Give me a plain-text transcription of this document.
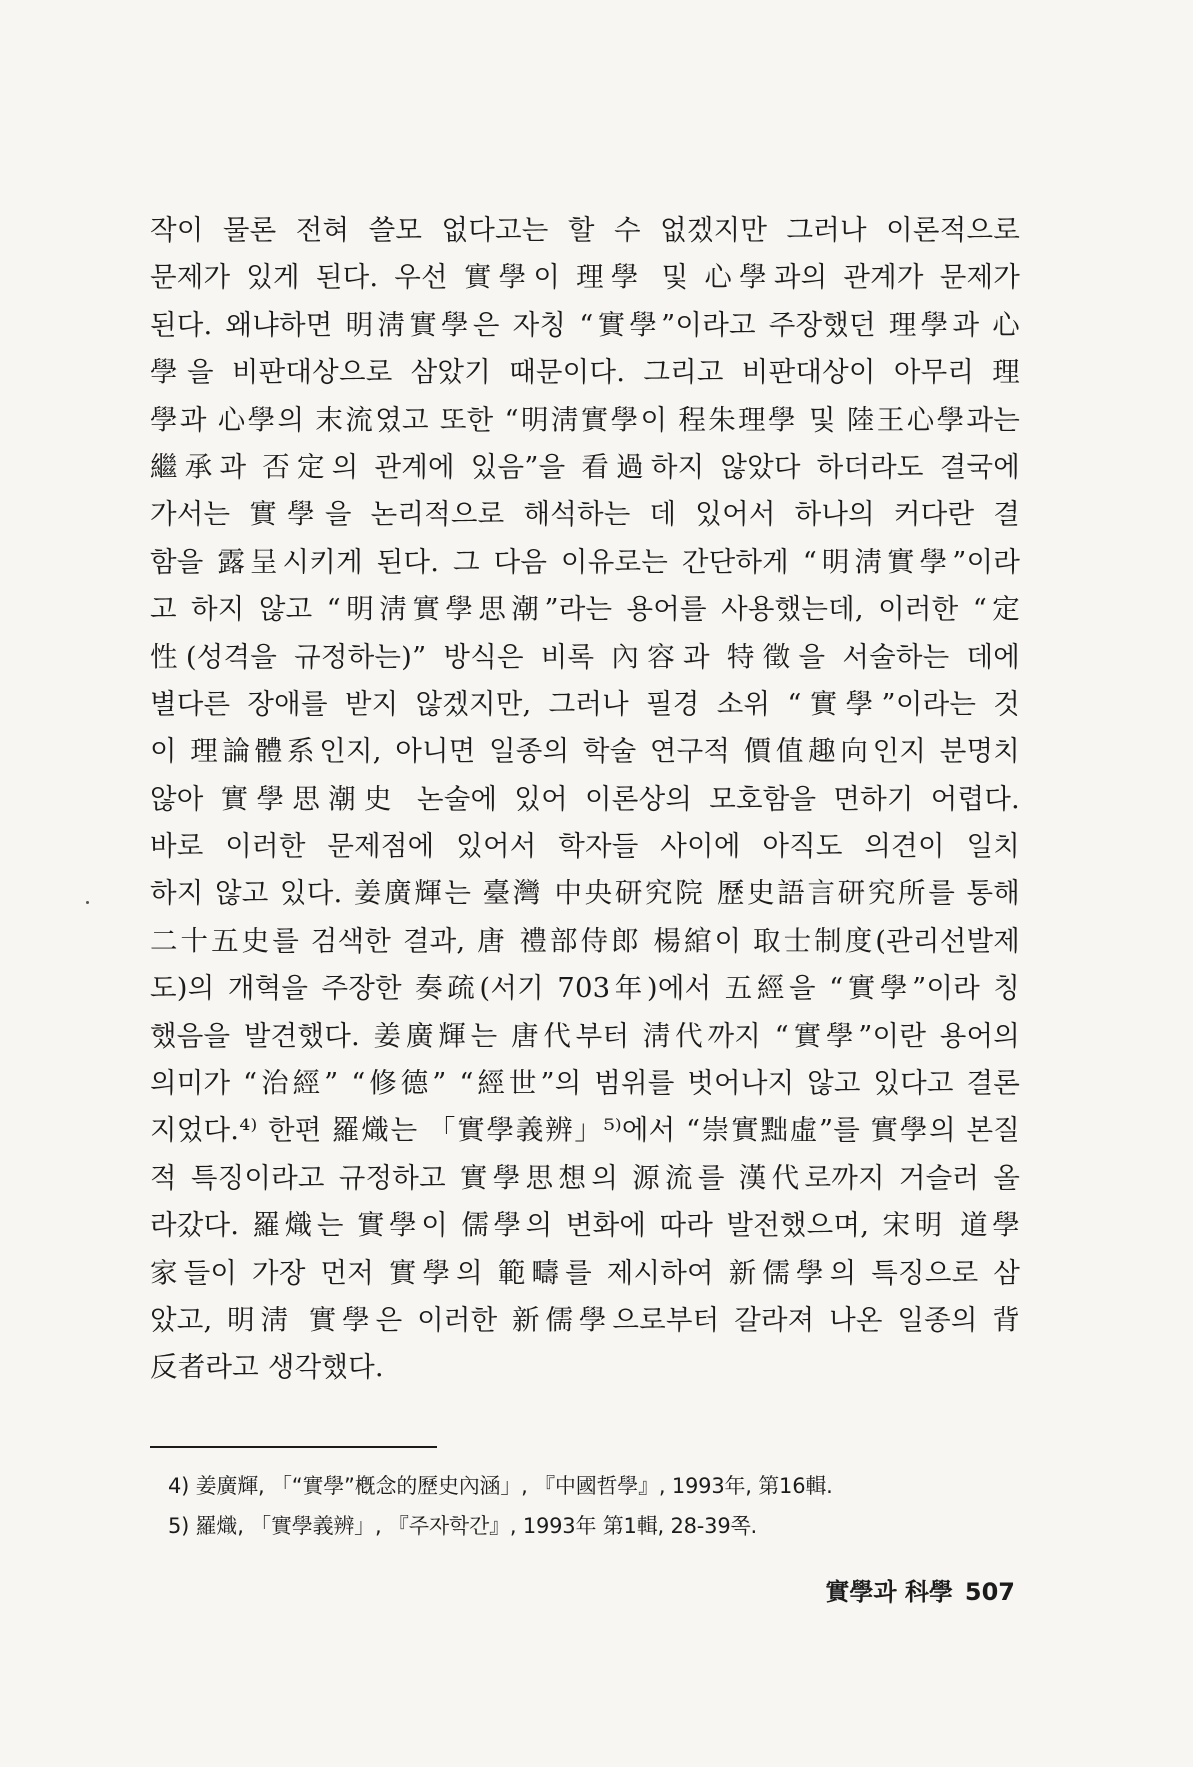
작이 물론 전혀 쓸모 없다고는 할 수 없겠지만 그러나 이론적으로
문제가 있게 된다. 우선 實學이 理學 및 心學과의 관계가 문제가
된다. 왜냐하면 明淸實學은 자칭 “實學”이라고 주장했던 理學과 心
學을 비판대상으로 삼았기 때문이다. 그리고 비판대상이 아무리 理
學과 心學의 末流였고 또한 “明淸實學이 程朱理學 및 陸王心學과는
繼承과 否定의 관계에 있음”을 看過하지 않았다 하더라도 결국에
가서는 實學을 논리적으로 해석하는 데 있어서 하나의 커다란 결
함을 露呈시키게 된다. 그 다음 이유로는 간단하게 “明淸實學”이라
고 하지 않고 “明淸實學思潮”라는 용어를 사용했는데, 이러한 “定
性(성격을 규정하는)” 방식은 비록 內容과 特徵을 서술하는 데에
별다른 장애를 받지 않겠지만, 그러나 필경 소위 “實學”이라는 것
이 理論體系인지, 아니면 일종의 학술 연구적 價值趣向인지 분명치
않아 實學思潮史 논술에 있어 이론상의 모호함을 면하기 어렵다.
바로 이러한 문제점에 있어서 학자들 사이에 아직도 의견이 일치
하지 않고 있다. 姜廣輝는 臺灣 中央研究院 歷史語言研究所를 통해
二十五史를 검색한 결과, 唐 禮部侍郎 楊綰이 取士制度(관리선발제
도)의 개혁을 주장한 奏疏(서기 703年)에서 五經을 “實學”이라 칭
했음을 발견했다. 姜廣輝는 唐代부터 淸代까지 “實學”이란 용어의
의미가 “治經” “修德” “經世”의 범위를 벗어나지 않고 있다고 결론
지었다.⁴⁾ 한편 羅熾는 「實學義辨」⁵⁾에서 “崇實黜虛”를 實學의 본질
적 특징이라고 규정하고 實學思想의 源流를 漢代로까지 거슬러 올
라갔다. 羅熾는 實學이 儒學의 변화에 따라 발전했으며, 宋明 道學
家들이 가장 먼저 實學의 範疇를 제시하여 新儒學의 특징으로 삼
았고, 明淸 實學은 이러한 新儒學으로부터 갈라져 나온 일종의 背
反者라고 생각했다.
4) 姜廣輝, 「“實學”槪念的歷史內涵」, 『中國哲學』, 1993年, 第16輯.
5) 羅熾, 「實學義辨」, 『주자학간』, 1993年 第1輯, 28-39쪽.
實學과 科學 507
